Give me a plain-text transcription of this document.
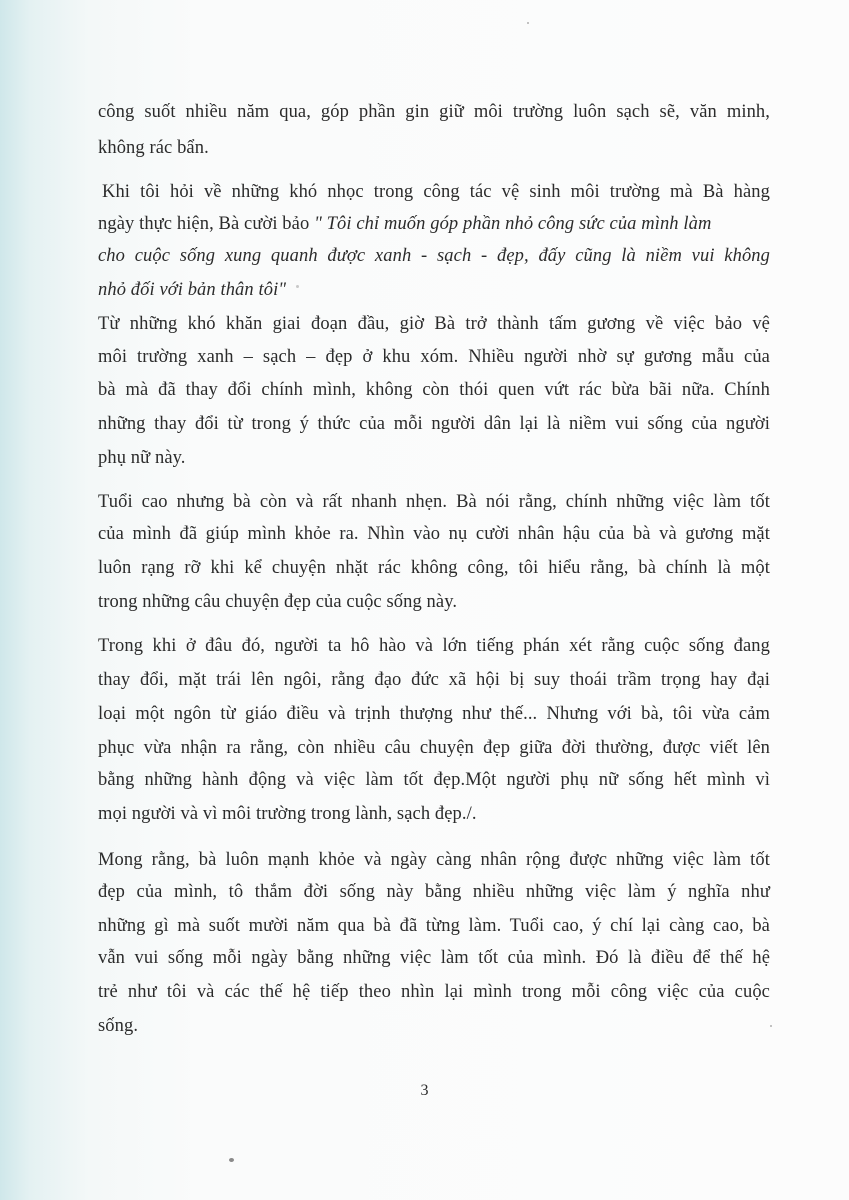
công suốt nhiều năm qua, góp phần gin giữ môi trường luôn sạch sẽ, văn minh,
không rác bẩn.
Khi tôi hỏi về những khó nhọc trong công tác vệ sinh môi trường mà Bà hàng
ngày thực hiện, Bà cười bảo " Tôi chỉ muốn góp phần nhỏ công sức của mình làm
cho cuộc sống xung quanh được xanh - sạch - đẹp, đấy cũng là niềm vui không
nhỏ đối với bản thân tôi"
Từ những khó khăn giai đoạn đầu, giờ Bà trở thành tấm gương về việc bảo vệ
môi trường xanh – sạch – đẹp ở khu xóm. Nhiều người nhờ sự gương mẫu của
bà mà đã thay đổi chính mình, không còn thói quen vứt rác bừa bãi nữa. Chính
những thay đổi từ trong ý thức của mỗi người dân lại là niềm vui sống của người
phụ nữ này.
Tuổi cao nhưng bà còn và rất nhanh nhẹn. Bà nói rằng, chính những việc làm tốt
của mình đã giúp mình khỏe ra. Nhìn vào nụ cười nhân hậu của bà và gương mặt
luôn rạng rỡ khi kể chuyện nhặt rác không công, tôi hiểu rằng, bà chính là một
trong những câu chuyện đẹp của cuộc sống này.
Trong khi ở đâu đó, người ta hô hào và lớn tiếng phán xét rằng cuộc sống đang
thay đổi, mặt trái lên ngôi, rằng đạo đức xã hội bị suy thoái trầm trọng hay đại
loại một ngôn từ giáo điều và trịnh thượng như thế... Nhưng với bà, tôi vừa cảm
phục vừa nhận ra rằng, còn nhiều câu chuyện đẹp giữa đời thường, được viết lên
bằng những hành động và việc làm tốt đẹp.Một người phụ nữ sống hết mình vì
mọi người và vì môi trường trong lành, sạch đẹp./.
Mong rằng, bà luôn mạnh khỏe và ngày càng nhân rộng được những việc làm tốt
đẹp của mình, tô thắm đời sống này bằng nhiều những việc làm ý nghĩa như
những gì mà suốt mười năm qua bà đã từng làm. Tuổi cao, ý chí lại càng cao, bà
vẫn vui sống mỗi ngày bằng những việc làm tốt của mình. Đó là điều để thế hệ
trẻ như tôi và các thế hệ tiếp theo nhìn lại mình trong mỗi công việc của cuộc
sống.
3
